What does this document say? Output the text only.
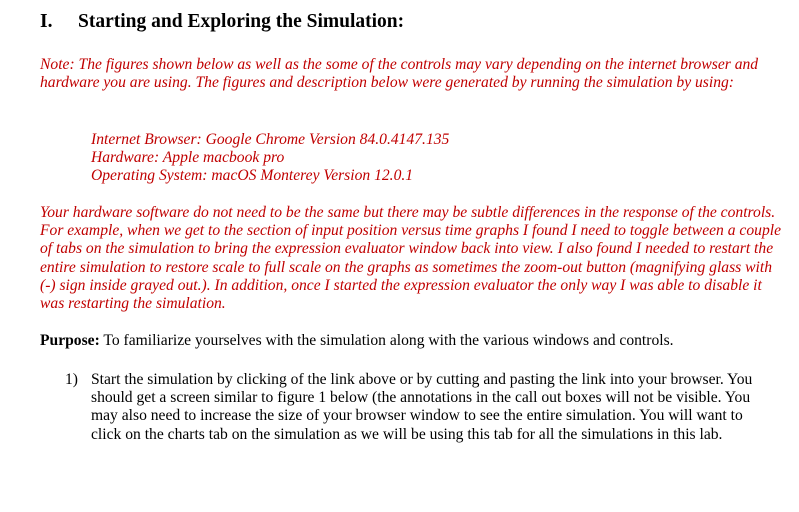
I. Starting and Exploring the Simulation:
Note: The figures shown below as well as the some of the controls may vary depending on the internet browser and hardware you are using. The figures and description below were generated by running the simulation by using:
Internet Browser: Google Chrome Version 84.0.4147.135
Hardware: Apple macbook pro
Operating System: macOS Monterey Version 12.0.1
Your hardware software do not need to be the same but there may be subtle differences in the response of the controls. For example, when we get to the section of input position versus time graphs I found I need to toggle between a couple of tabs on the simulation to bring the expression evaluator window back into view. I also found I needed to restart the entire simulation to restore scale to full scale on the graphs as sometimes the zoom-out button (magnifying glass with (-) sign inside grayed out.). In addition, once I started the expression evaluator the only way I was able to disable it was restarting the simulation.
Purpose: To familiarize yourselves with the simulation along with the various windows and controls.
1) Start the simulation by clicking of the link above or by cutting and pasting the link into your browser. You should get a screen similar to figure 1 below (the annotations in the call out boxes will not be visible. You may also need to increase the size of your browser window to see the entire simulation. You will want to click on the charts tab on the simulation as we will be using this tab for all the simulations in this lab.
